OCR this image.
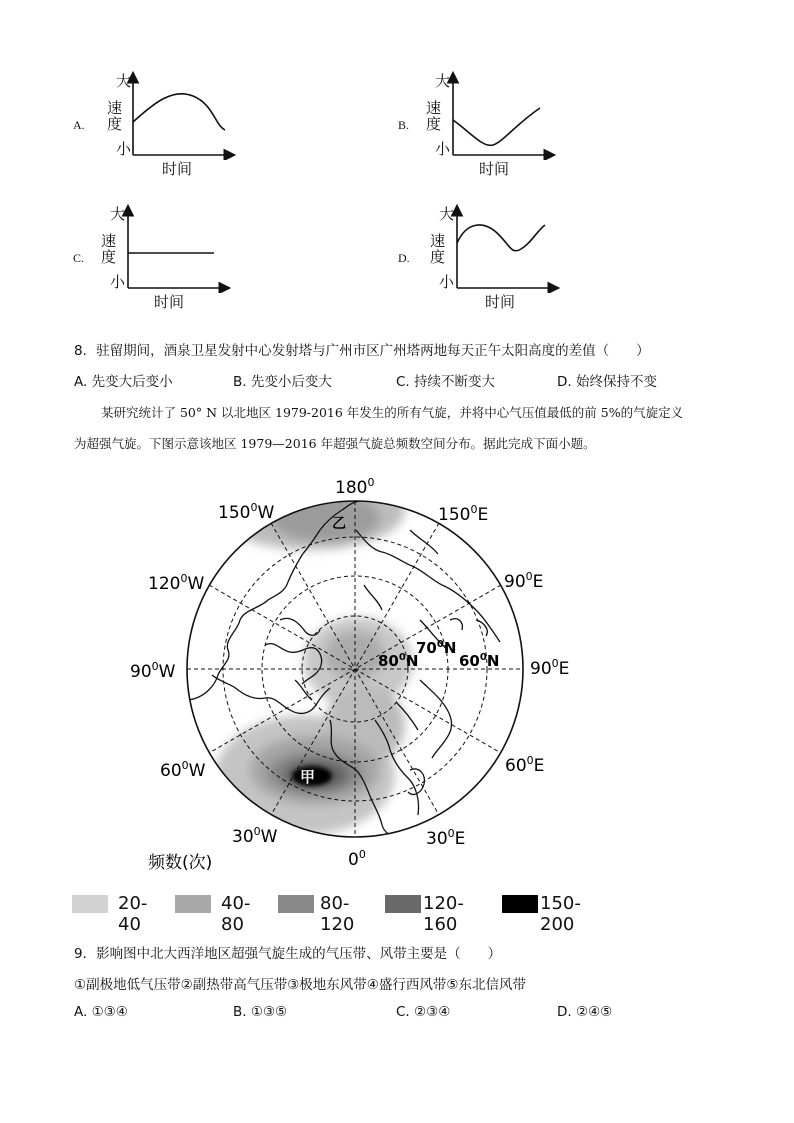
A.
大
速度
小
时间
B.
大
速度
小
时间
C.
大
速度
小
时间
D.
大
速度
小
时间
8．驻留期间，酒泉卫星发射中心发射塔与广州市区广州塔两地每天正午太阳高度的差值（　　）
A. 先变大后变小	B. 先变小后变大	C. 持续不断变大	D. 始终保持不变
某研究统计了 50° N 以北地区 1979-2016 年发生的所有气旋，并将中心气压值最低的前 5%的气旋定义
为超强气旋。下图示意该地区 1979—2016 年超强气旋总频数空间分布。据此完成下面小题。
甲
乙
$70^0N$
$80^0N$	$60^0N$
$180^0$
$150^0W$	$150^0E$
$120^0W$	$90^0E$
$90^0W$	$90^0E$
$60^0W$	$60^0E$
$30^0W$	$30^0E$
$0^0$
频数(次)
20-40
40-80
80-120
120-160
150-200
9．影响图中北大西洋地区超强气旋生成的气压带、风带主要是（　　）
①副极地低气压带②副热带高气压带③极地东风带④盛行西风带⑤东北信风带
A. ①③④	B. ①③⑤	C. ②③④	D. ②④⑤
